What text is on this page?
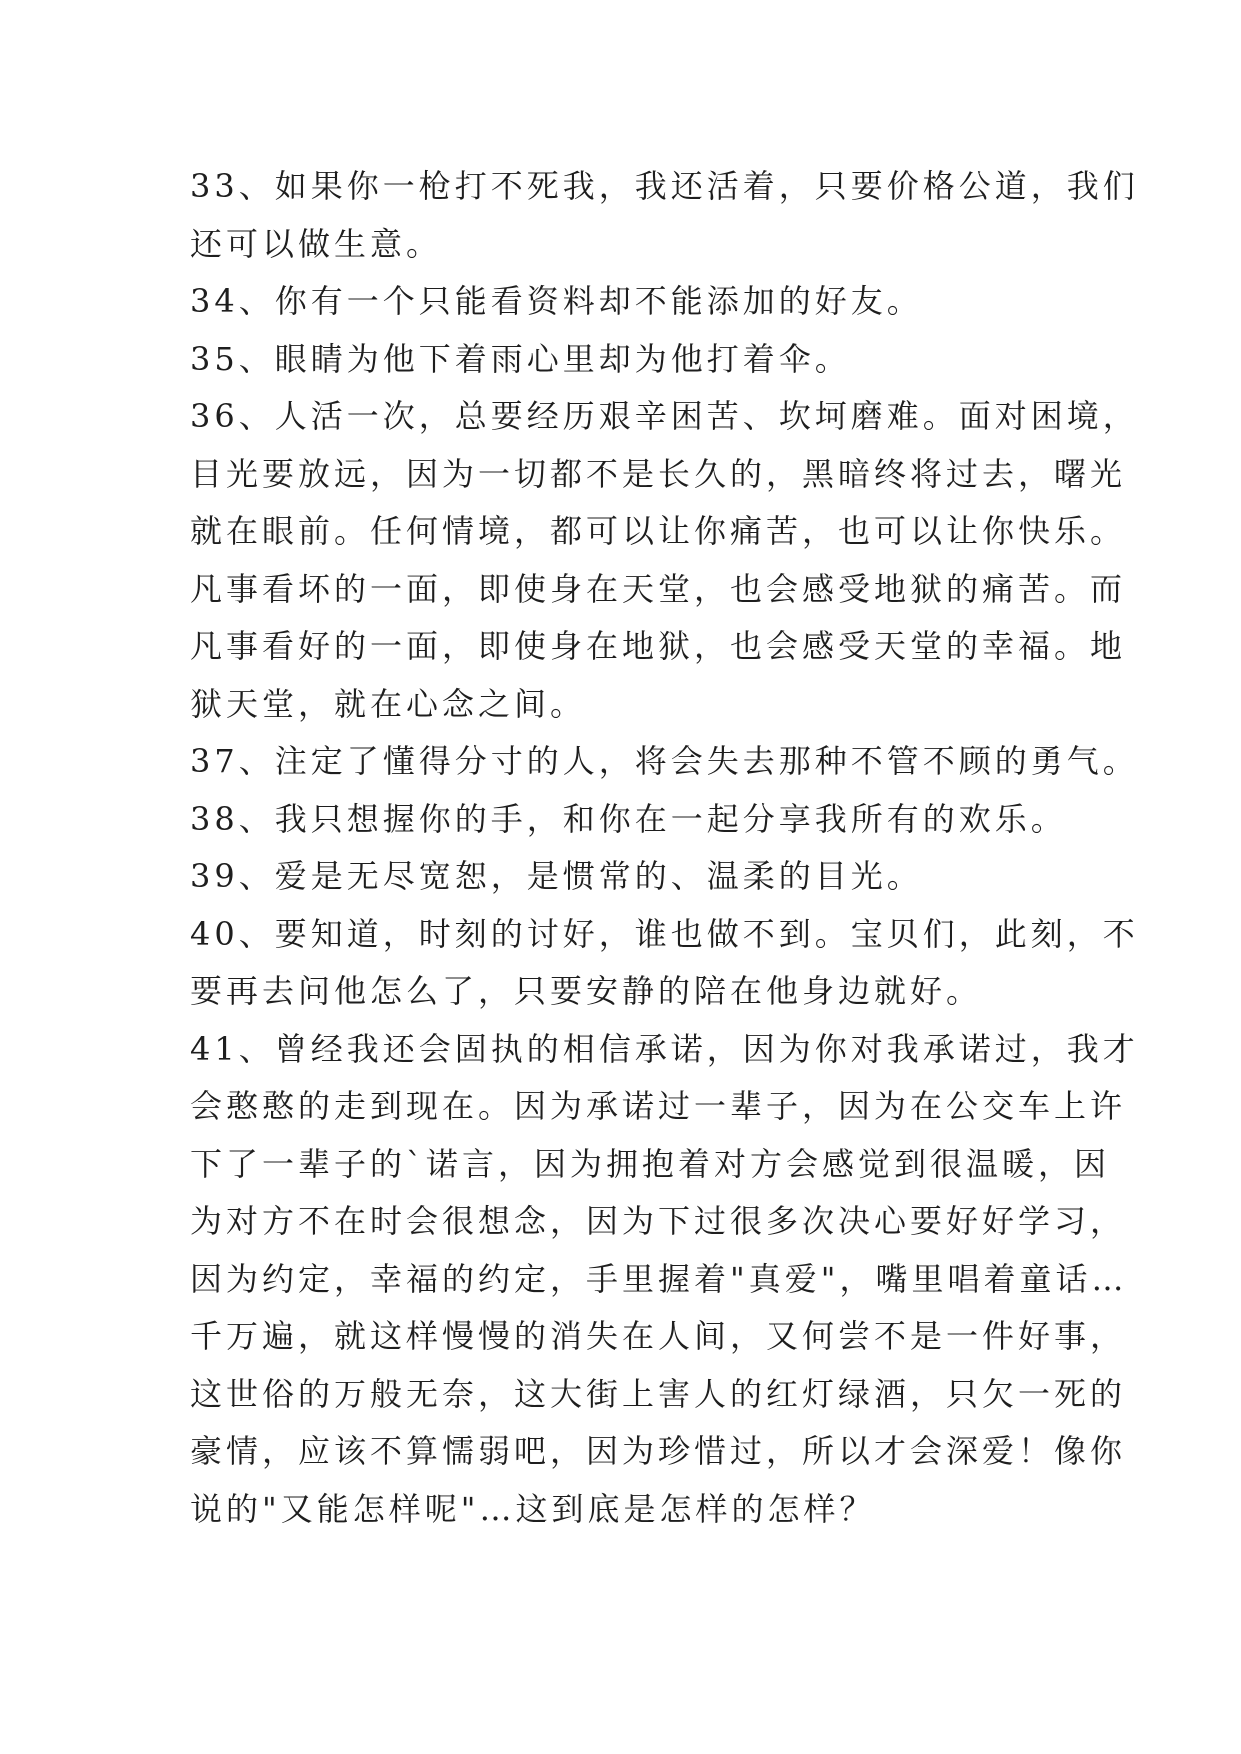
33、如果你一枪打不死我，我还活着，只要价格公道，我们
还可以做生意。
34、你有一个只能看资料却不能添加的好友。
35、眼睛为他下着雨心里却为他打着伞。
36、人活一次，总要经历艰辛困苦、坎坷磨难。面对困境，
目光要放远，因为一切都不是长久的，黑暗终将过去，曙光
就在眼前。任何情境，都可以让你痛苦，也可以让你快乐。
凡事看坏的一面，即使身在天堂，也会感受地狱的痛苦。而
凡事看好的一面，即使身在地狱，也会感受天堂的幸福。地
狱天堂，就在心念之间。
37、注定了懂得分寸的人，将会失去那种不管不顾的勇气。
38、我只想握你的手，和你在一起分享我所有的欢乐。
39、爱是无尽宽恕，是惯常的、温柔的目光。
40、要知道，时刻的讨好，谁也做不到。宝贝们，此刻，不
要再去问他怎么了，只要安静的陪在他身边就好。
41、曾经我还会固执的相信承诺，因为你对我承诺过，我才
会憨憨的走到现在。因为承诺过一辈子，因为在公交车上许
下了一辈子的`诺言，因为拥抱着对方会感觉到很温暖，因
为对方不在时会很想念，因为下过很多次决心要好好学习，
因为约定，幸福的约定，手里握着"真爱"，嘴里唱着童话…
千万遍，就这样慢慢的消失在人间，又何尝不是一件好事，
这世俗的万般无奈，这大街上害人的红灯绿酒，只欠一死的
豪情，应该不算懦弱吧，因为珍惜过，所以才会深爱！像你
说的"又能怎样呢"…这到底是怎样的怎样？
